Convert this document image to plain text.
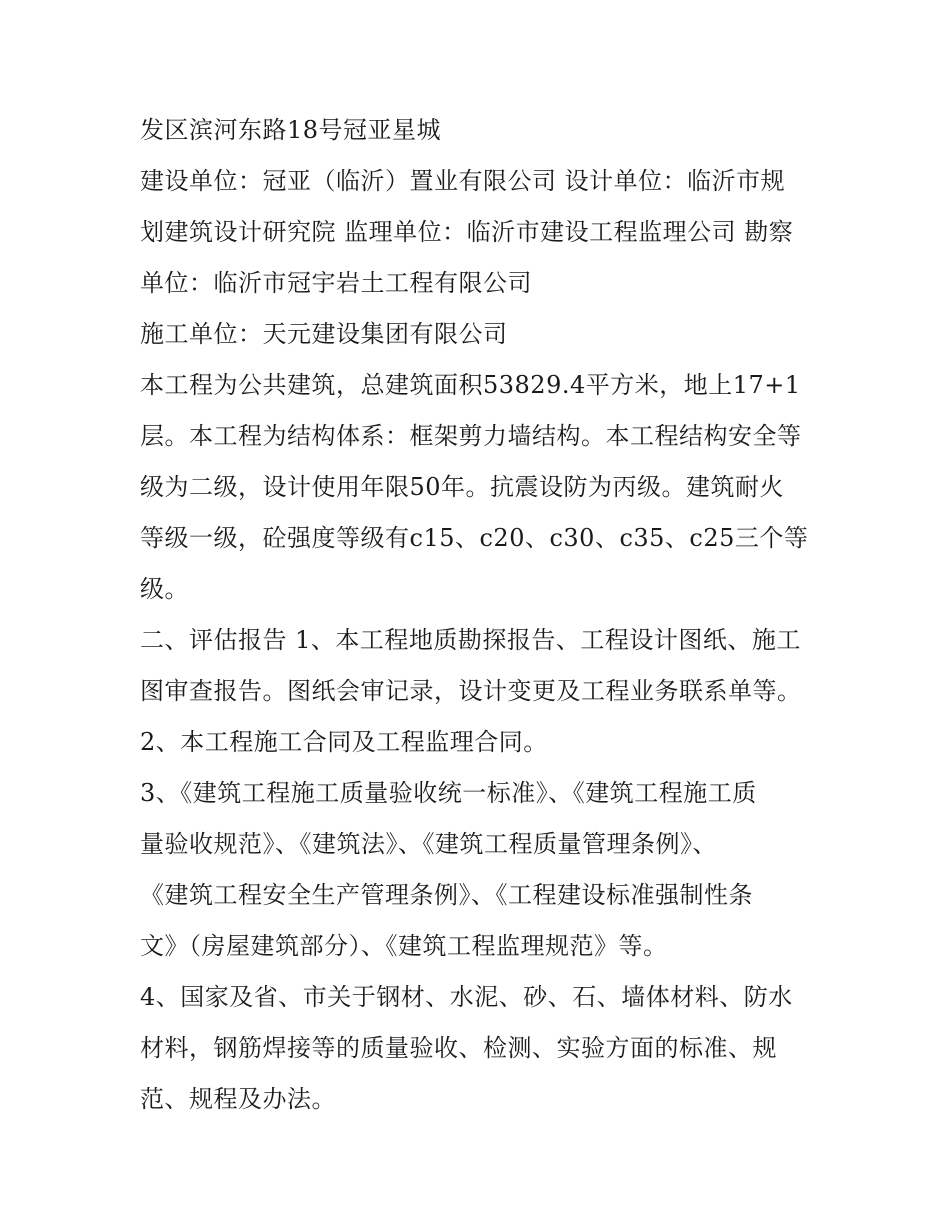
发区滨河东路18号冠亚星城
建设单位：冠亚（临沂）置业有限公司 设计单位：临沂市规
划建筑设计研究院 监理单位：临沂市建设工程监理公司 勘察
单位：临沂市冠宇岩土工程有限公司
施工单位：天元建设集团有限公司
本工程为公共建筑，总建筑面积53829.4平方米，地上17+1
层。本工程为结构体系：框架剪力墙结构。本工程结构安全等
级为二级，设计使用年限50年。抗震设防为丙级。建筑耐火
等级一级，砼强度等级有c15、c20、c30、c35、c25三个等
级。
二、评估报告 1、本工程地质勘探报告、工程设计图纸、施工
图审查报告。图纸会审记录，设计变更及工程业务联系单等。
2、本工程施工合同及工程监理合同。
3、《建筑工程施工质量验收统一标准》、《建筑工程施工质
量验收规范》、《建筑法》、《建筑工程质量管理条例》、
《建筑工程安全生产管理条例》、《工程建设标准强制性条
文》（房屋建筑部分）、《建筑工程监理规范》等。
4、国家及省、市关于钢材、水泥、砂、石、墙体材料、防水
材料，钢筋焊接等的质量验收、检测、实验方面的标准、规
范、规程及办法。
